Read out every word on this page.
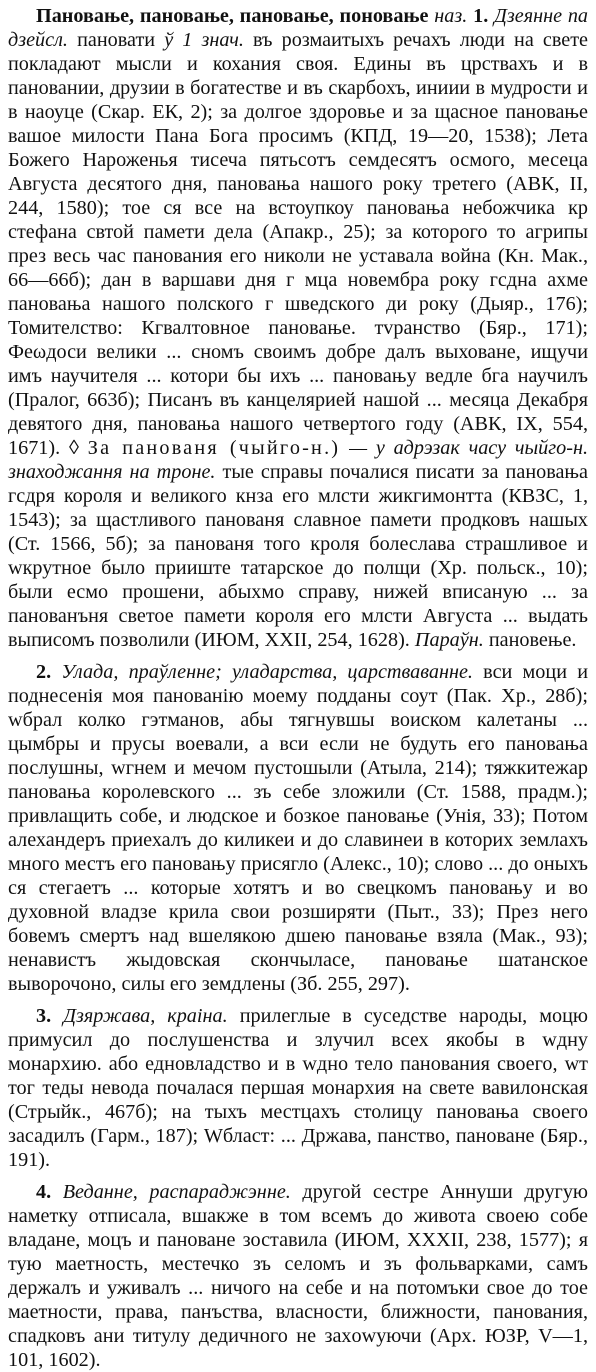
Пановање, пановање, пановање, поновање наз. 1. Дзеянне па дзейсл. пановати ў 1 знач. въ розмаитыхъ речахъ люди на свете покладают мысли и кохания своя. Едины въ црствахъ и в пановании, друзии в богатестве и въ скарбохъ, иниии в мудрости и в наоуце (Скар. ЕК, 2); за долгое здоровье и за щасное пановање вашое милости Пана Бога просимъ (КПД, 19—20, 1538); Лета Божего Нароженья тисеча пятьсотъ семдесятъ осмого, месеца Августа десятого дня, пановања нашого року третего (АВК, II, 244, 1580); тое ся все на встоупкоу пановања небожчика кр стефана свтой памети дела (Апакр., 25); за которого то агрипы през весь час панования его николи не уставала война (Кн. Мак., 66—66б); дан в варшави дня г мца новембра року гсдна ахме пановања нашого полского г шведского ди року (Дыяр., 176); Томителство: Кгвалтовное пановање. тvранство (Бяр., 171); Феωдоси велики ... сномъ своимъ добре далъ выховане, ищучи имъ научителя ... котори бы ихъ ... пановању ведле бга научилъ (Пралог, 663б); Писанъ въ канцелярией нашой ... месяца Декабря девятого дня, пановања нашого четвертого году (АВК, IX, 554, 1671). ◊ За панованя (чыйго-н.) — у адрэзак часу чыйго-н. знаходжання на троне. тые справы почалися писати за пановања гсдря короля и великого кнза его млсти жикгимонтта (КВЗС, 1, 1543); за щастливого панованя славное памети продковъ нашых (Ст. 1566, 5б); за панованя того кроля болеслава страшливое и wкрутное было прииште татарское до полщи (Хр. польск., 10); были есмо прошени, абыхмо справу, нижей вписаную ... за панованъня светое памети короля его млсти Августа ... выдать выписомъ позволили (ИЮМ, XXII, 254, 1628). Параўн. пановење.

2. Улада, праўленне; уладарства, царстваванне. вси моци и поднесенія моя панованію моему подданы соут (Пак. Хр., 28б); wбрал колко гэтманов, абы тягнувшы воиском калетаны ... цымбры и прусы воевали, а вси если не будуть его пановања послушны, wгнем и мечом пустошыли (Атыла, 214); тяжкитежар пановања королевского ... зъ себе зложили (Ст. 1588, прадм.); привлащить собе, и людское и бозкое пановање (Унія, 33); Потом алехандеръ приехалъ до киликеи и до славинеи в которих землахъ много местъ его пановању присягло (Алекс., 10); слово ... до оныхъ ся стегаетъ ... которые хотятъ и во свецкомъ пановању и во духовной владзе крила свои розширяти (Пыт., 33); През него бовемъ смертъ над вшелякою дшею пановање взяла (Мак., 93); ненавистъ жыдовская скончыласе, пановање шатанское выворочоно, силы его земдлены (Зб. 255, 297).

3. Дзяржава, краіна. прилеглые в суседстве народы, моцю примусил до послушенства и злучил всех якобы в wдну монархию. або едновладство и в wдно тело панования своего, wт тог теды невода почалася першая монархия на свете вавилонская (Стрыйк., 467б); на тыхъ местцахъ столицу пановања своего засадилъ (Гарм., 187); Wбласт: ... Држава, панство, пановане (Бяр., 191).

4. Веданне, распараджэнне. другой сестре Аннуши другую наметку отписала, вшакже в том всемъ до живота своею собе владане, моцъ и пановане зоставила (ИЮМ, XXXII, 238, 1577); я тую маетность, местечко зъ селомъ и зъ фольварками, самъ держалъ и уживалъ ... ничого на себе и на потомъки свое до тое маетности, права, панъства, власности, ближности, панования, спадковъ ани титулу дедичного не захowуючи (Арх. ЮЗР, V—1, 101, 1602).
